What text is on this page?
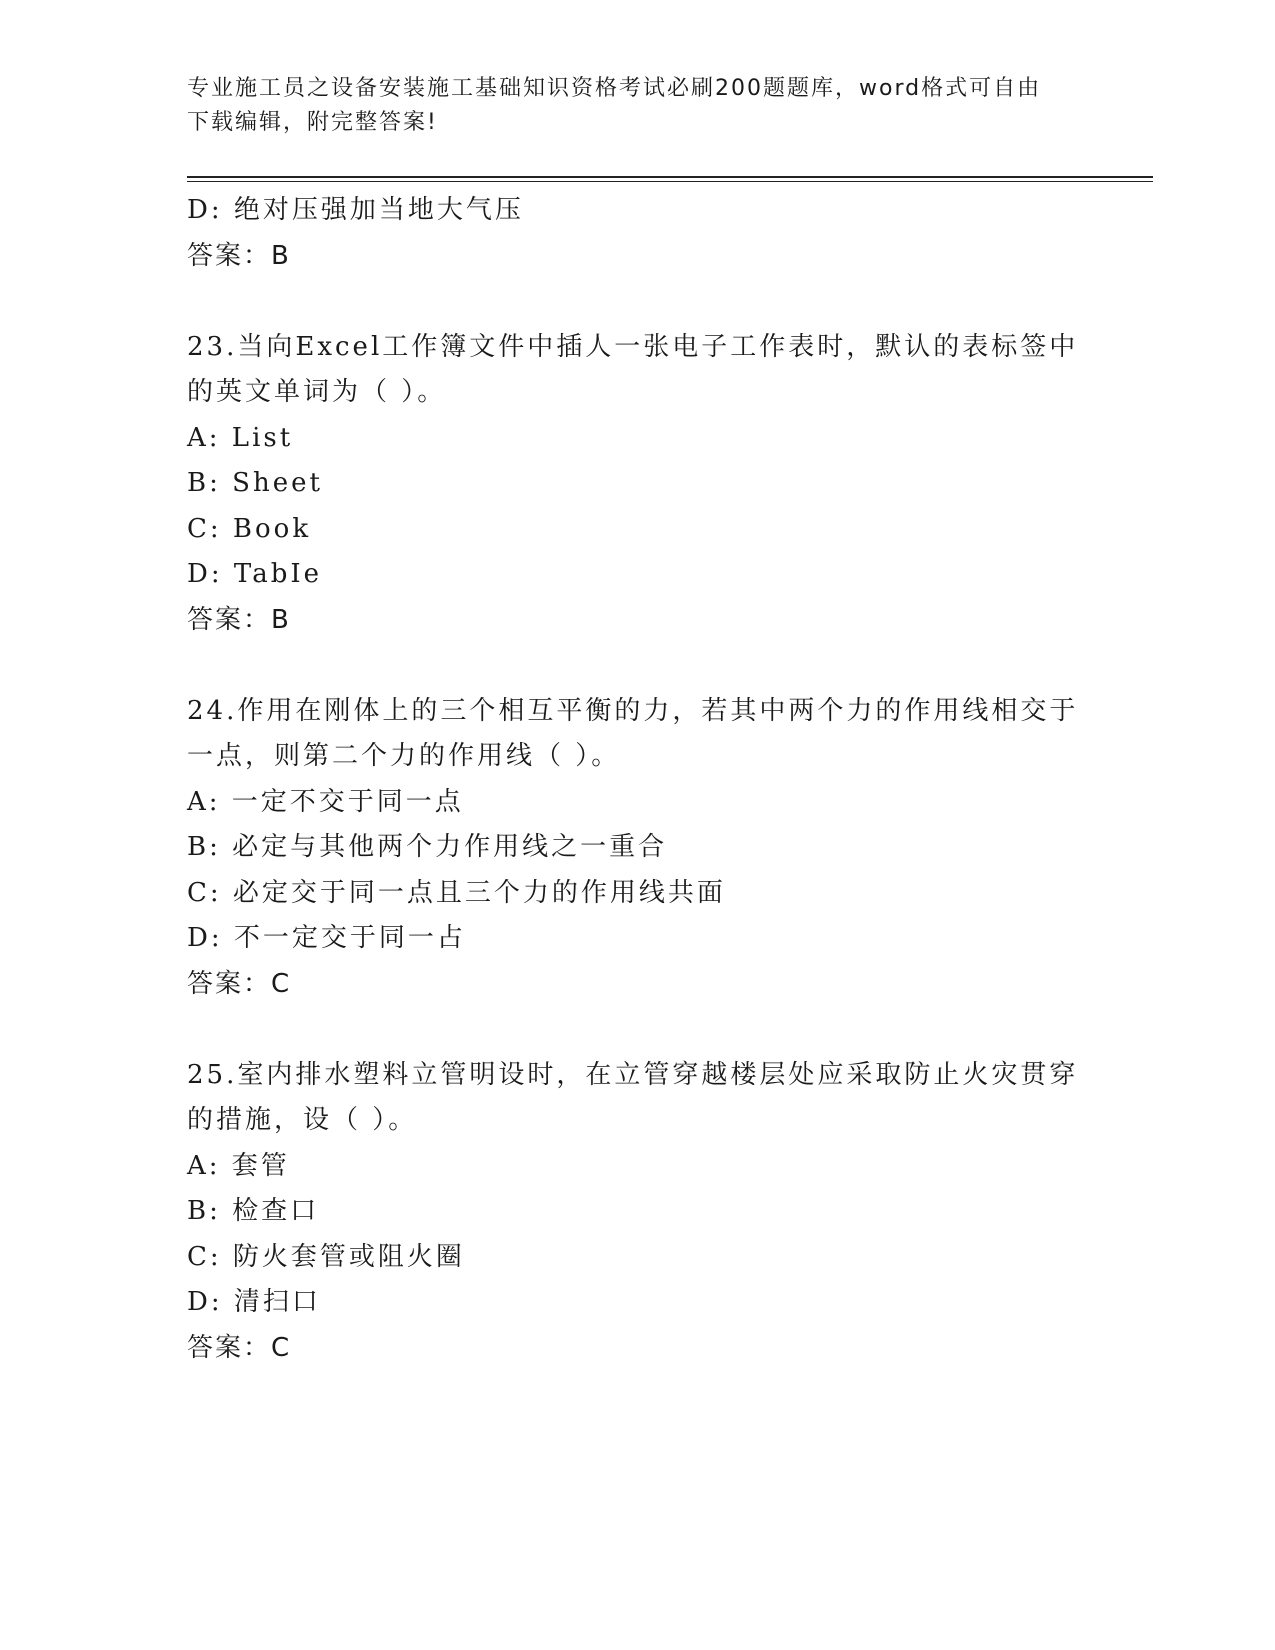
专业施工员之设备安装施工基础知识资格考试必刷200题题库，word格式可自由
下载编辑，附完整答案!
D: 绝对压强加当地大气压
答案：B
23.当向Excel工作簿文件中插人一张电子工作表时，默认的表标签中
的英文单词为（ ）。
A: List
B: Sheet
C: Book
D: TabIe
答案：B
24.作用在刚体上的三个相互平衡的力，若其中两个力的作用线相交于
一点，则第二个力的作用线（ ）。
A: 一定不交于同一点
B: 必定与其他两个力作用线之一重合
C: 必定交于同一点且三个力的作用线共面
D: 不一定交于同一占
答案：C
25.室内排水塑料立管明设时，在立管穿越楼层处应采取防止火灾贯穿
的措施，设（ ）。
A: 套管
B: 检查口
C: 防火套管或阻火圈
D: 清扫口
答案：C
